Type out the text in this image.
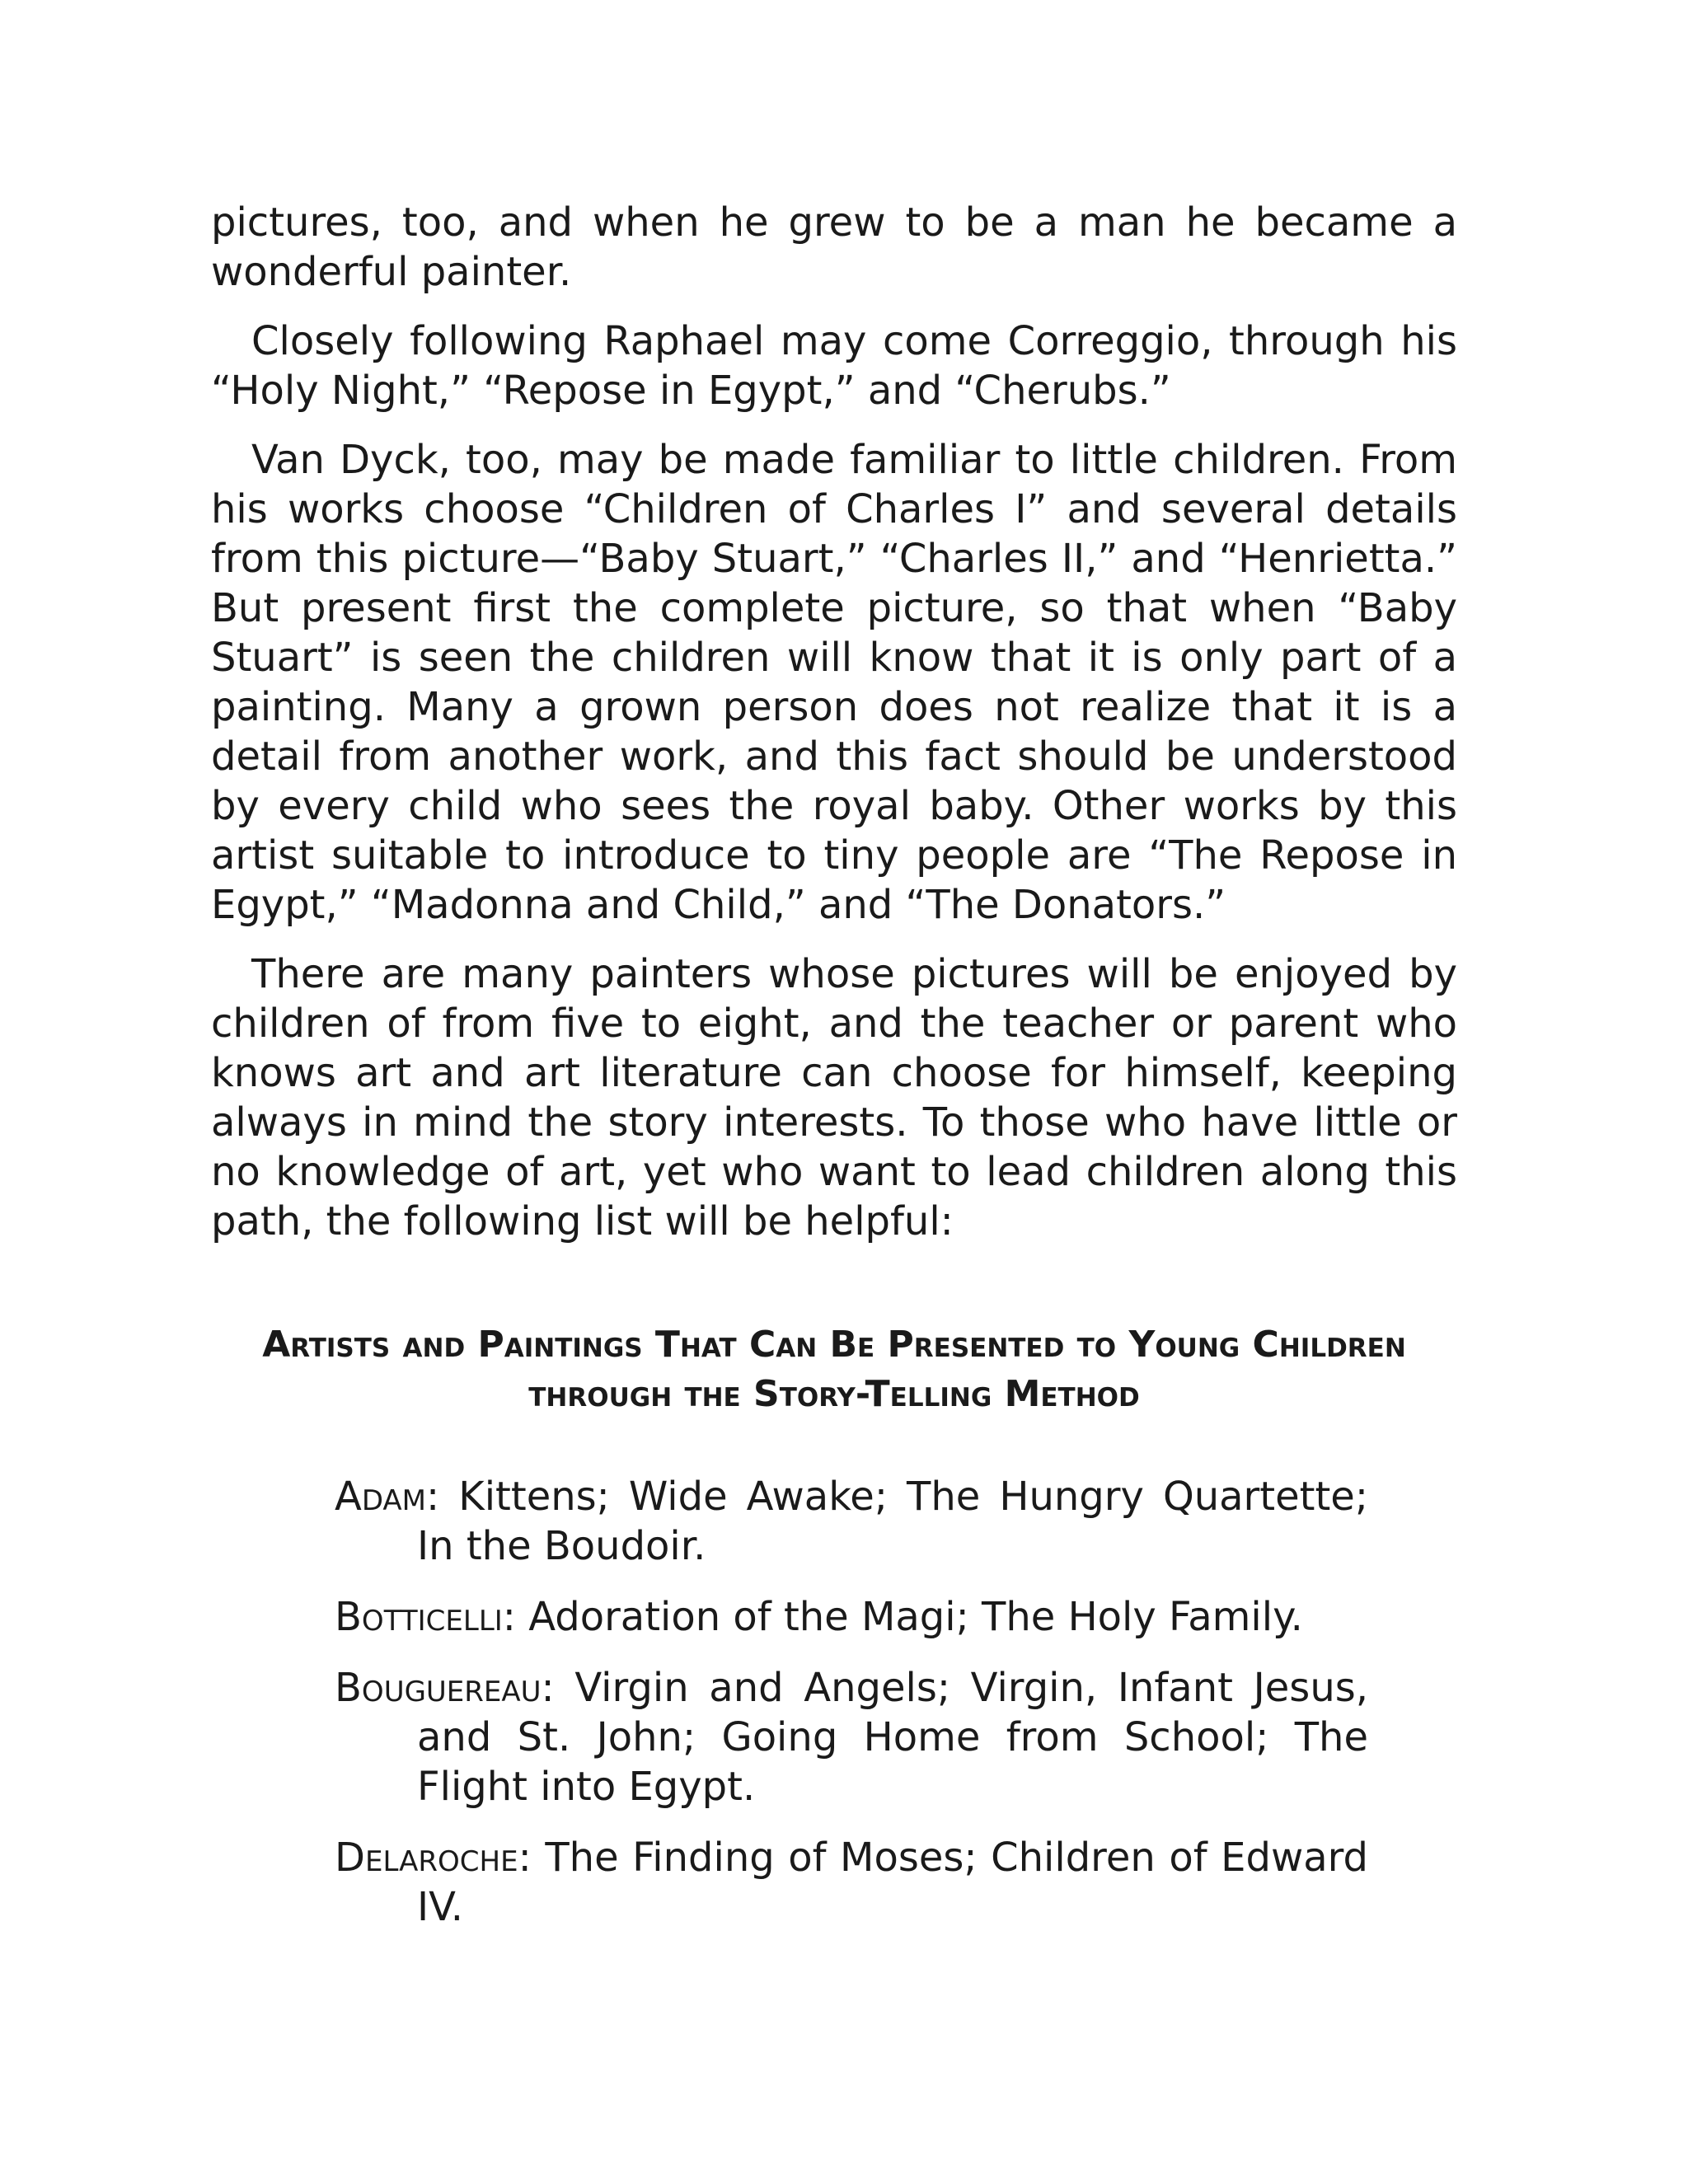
pictures, too, and when he grew to be a man he became a wonderful painter.

Closely following Raphael may come Correggio, through his “Holy Night,” “Repose in Egypt,” and “Cherubs.”

Van Dyck, too, may be made familiar to little children. From his works choose “Children of Charles I” and several details from this picture—“Baby Stuart,” “Charles II,” and “Henrietta.” But present first the complete picture, so that when “Baby Stuart” is seen the children will know that it is only part of a painting. Many a grown person does not realize that it is a detail from another work, and this fact should be understood by every child who sees the royal baby. Other works by this artist suitable to introduce to tiny people are “The Repose in Egypt,” “Madonna and Child,” and “The Donators.”

There are many painters whose pictures will be enjoyed by children of from five to eight, and the teacher or parent who knows art and art literature can choose for himself, keeping always in mind the story interests. To those who have little or no knowledge of art, yet who want to lead children along this path, the following list will be helpful:

Artists and Paintings That Can Be Presented to Young Children
through the Story-Telling Method
Adam: Kittens; Wide Awake; The Hungry Quartette; In the Boudoir.
Botticelli: Adoration of the Magi; The Holy Family.
Bouguereau: Virgin and Angels; Virgin, Infant Jesus, and St. John; Going Home from School; The Flight into Egypt.
Delaroche: The Finding of Moses; Children of Edward IV.
